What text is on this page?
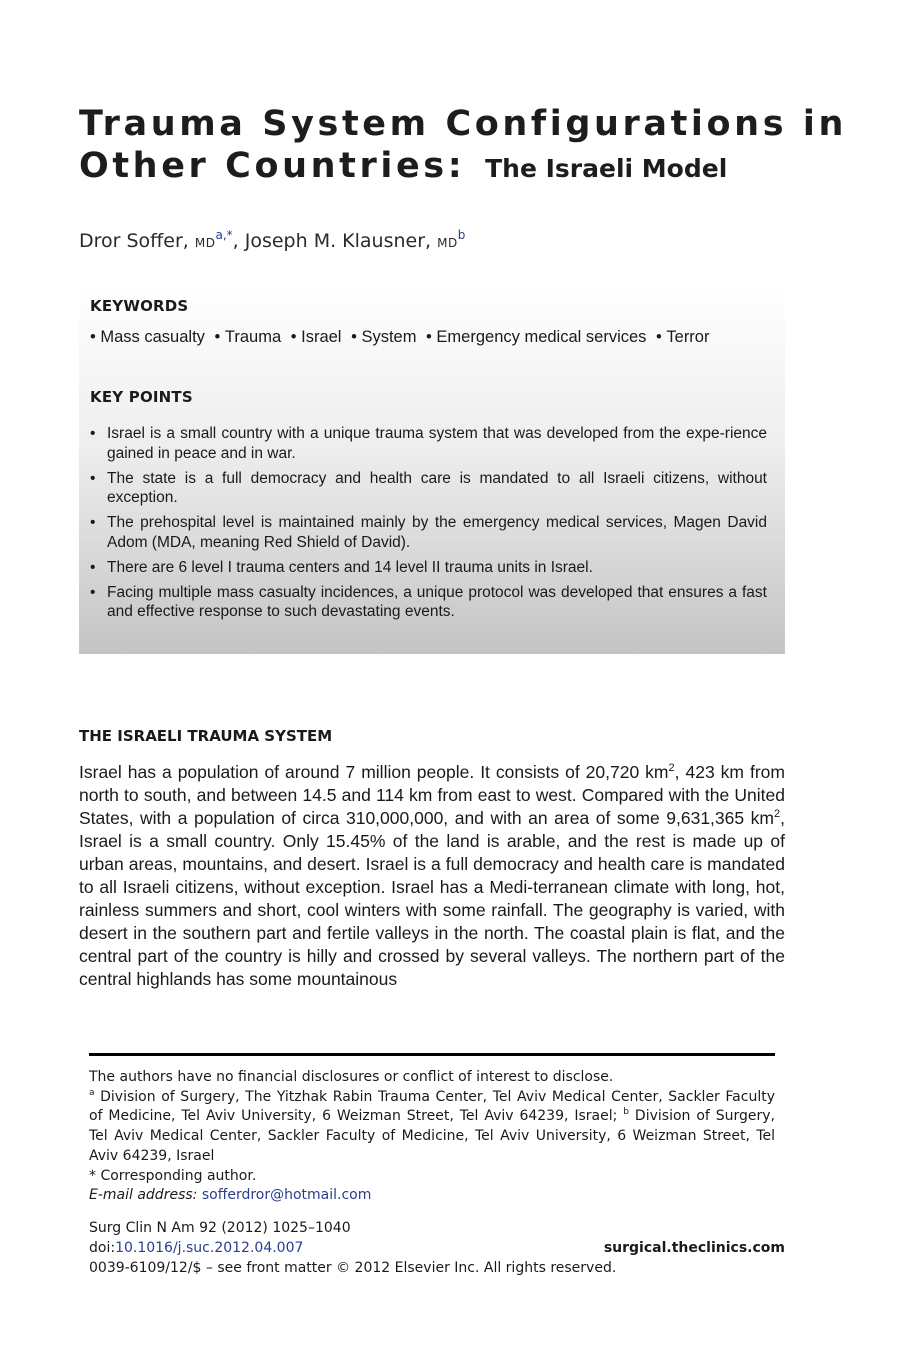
Trauma System Configurations in
Other Countries: The Israeli Model
Dror Soffer, $MD^{a,*}$, Joseph M. Klausner, $MD^b$
KEYWORDS
• Mass casualty • Trauma • Israel • System • Emergency medical services • Terror
KEY POINTS
• Israel is a small country with a unique trauma system that was developed from the expe-rience gained in peace and in war.
• The state is a full democracy and health care is mandated to all Israeli citizens, without exception.
• The prehospital level is maintained mainly by the emergency medical services, Magen David Adom (MDA, meaning Red Shield of David).
• There are 6 level I trauma centers and 14 level II trauma units in Israel.
• Facing multiple mass casualty incidences, a unique protocol was developed that ensures a fast and effective response to such devastating events.
THE ISRAELI TRAUMA SYSTEM
Israel has a population of around 7 million people. It consists of 20,720 $km^2$, 423 km from north to south, and between 14.5 and 114 km from east to west. Compared with the United States, with a population of circa 310,000,000, and with an area of some 9,631,365 $km^2$, Israel is a small country. Only 15.45% of the land is arable, and the rest is made up of urban areas, mountains, and desert. Israel is a full democracy and health care is mandated to all Israeli citizens, without exception. Israel has a Medi-terranean climate with long, hot, rainless summers and short, cool winters with some rainfall. The geography is varied, with desert in the southern part and fertile valleys in the north. The coastal plain is flat, and the central part of the country is hilly and crossed by several valleys. The northern part of the central highlands has some mountainous

The authors have no financial disclosures or conflict of interest to disclose.

$^a$ Division of Surgery, The Yitzhak Rabin Trauma Center, Tel Aviv Medical Center, Sackler Faculty of Medicine, Tel Aviv University, 6 Weizman Street, Tel Aviv 64239, Israel; $^b$ Division of Surgery, Tel Aviv Medical Center, Sackler Faculty of Medicine, Tel Aviv University, 6 Weizman Street, Tel Aviv 64239, Israel

* Corresponding author.

E-mail address: sofferdror@hotmail.com

Surg Clin N Am 92 (2012) 1025–1040
doi:10.1016/j.suc.2012.04.007	surgical.theclinics.com
0039-6109/12/$ – see front matter © 2012 Elsevier Inc. All rights reserved.
